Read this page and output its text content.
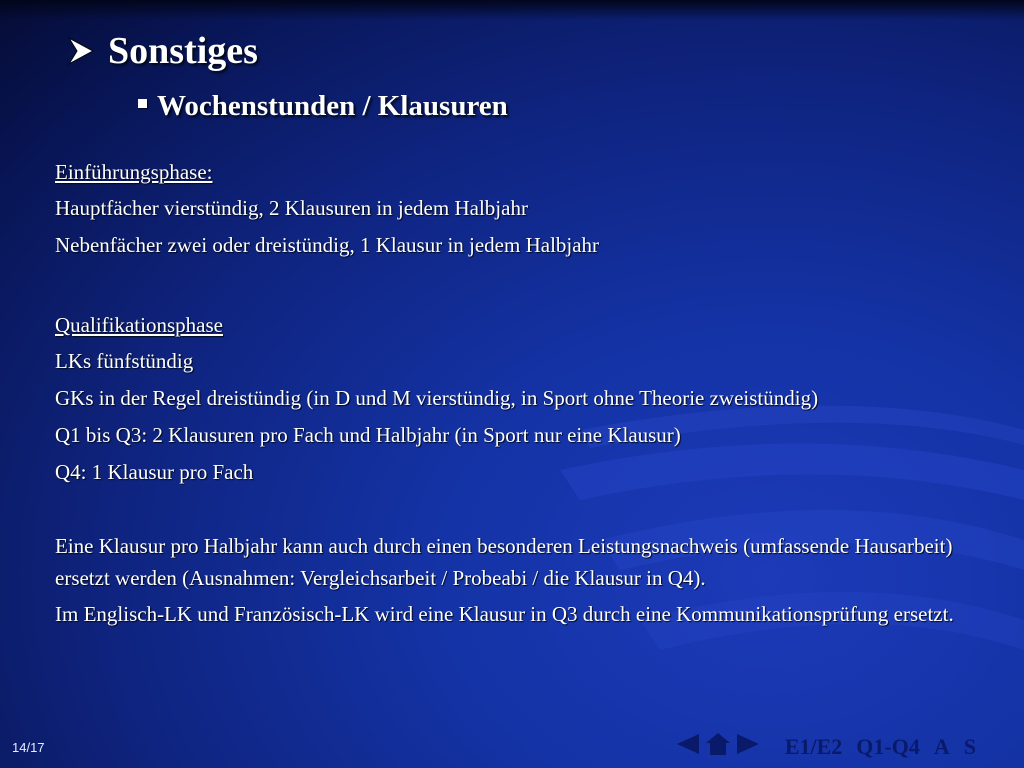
Sonstiges
Wochenstunden / Klausuren
Einführungsphase:
Hauptfächer vierstündig, 2 Klausuren in jedem Halbjahr
Nebenfächer zwei oder dreistündig, 1 Klausur in jedem Halbjahr
Qualifikationsphase
LKs fünfstündig
GKs in der Regel dreistündig (in D und M vierstündig, in Sport ohne Theorie zweistündig)
Q1 bis Q3: 2 Klausuren pro Fach und Halbjahr (in Sport nur eine Klausur)
Q4: 1 Klausur pro Fach
Eine Klausur pro Halbjahr kann auch durch einen besonderen Leistungsnachweis (umfassende Hausarbeit) ersetzt werden (Ausnahmen: Vergleichsarbeit / Probeabi / die Klausur in Q4).
Im Englisch-LK und Französisch-LK wird eine Klausur in Q3 durch eine Kommunikationsprüfung ersetzt.
14/17	E1/E2 Q1-Q4 A S
